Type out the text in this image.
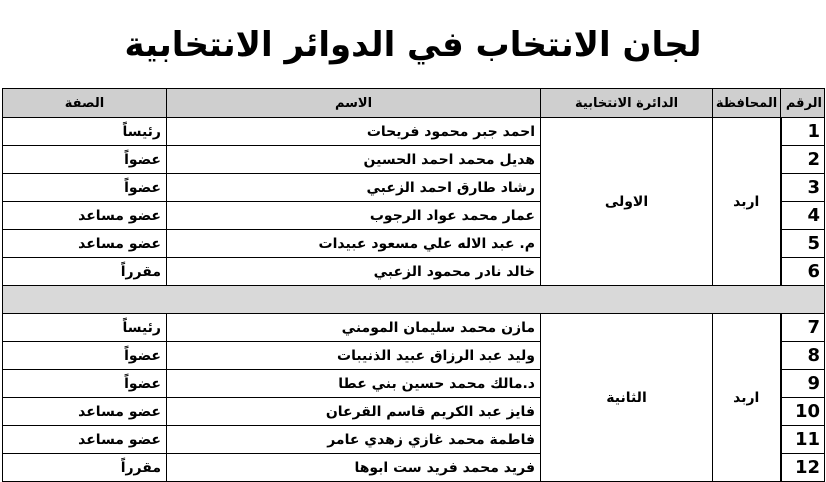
لجان الانتخاب في الدوائر الانتخابية
الرقم	المحافظة	الدائرة الانتخابية	الاسم	الصفة
1	اربد	الاولى	احمد جبر محمود فريحات	رئيساً
2			هديل محمد احمد الحسين	عضواً
3			رشاد طارق احمد الزعبي	عضواً
4			عمار محمد عواد الرجوب	عضو مساعد
5			م. عبد الاله علي مسعود عبيدات	عضو مساعد
6			خالد نادر محمود الزعبي	مقرراً

7	اربد	الثانية	مازن محمد سليمان المومني	رئيساً
8			وليد عبد الرزاق عبيد الذنيبات	عضواً
9			د.مالك محمد حسين بني عطا	عضواً
10			فايز عبد الكريم قاسم القرعان	عضو مساعد
11			فاطمة محمد غازي زهدي عامر	عضو مساعد
12			فريد محمد فريد ست ابوها	مقرراً
